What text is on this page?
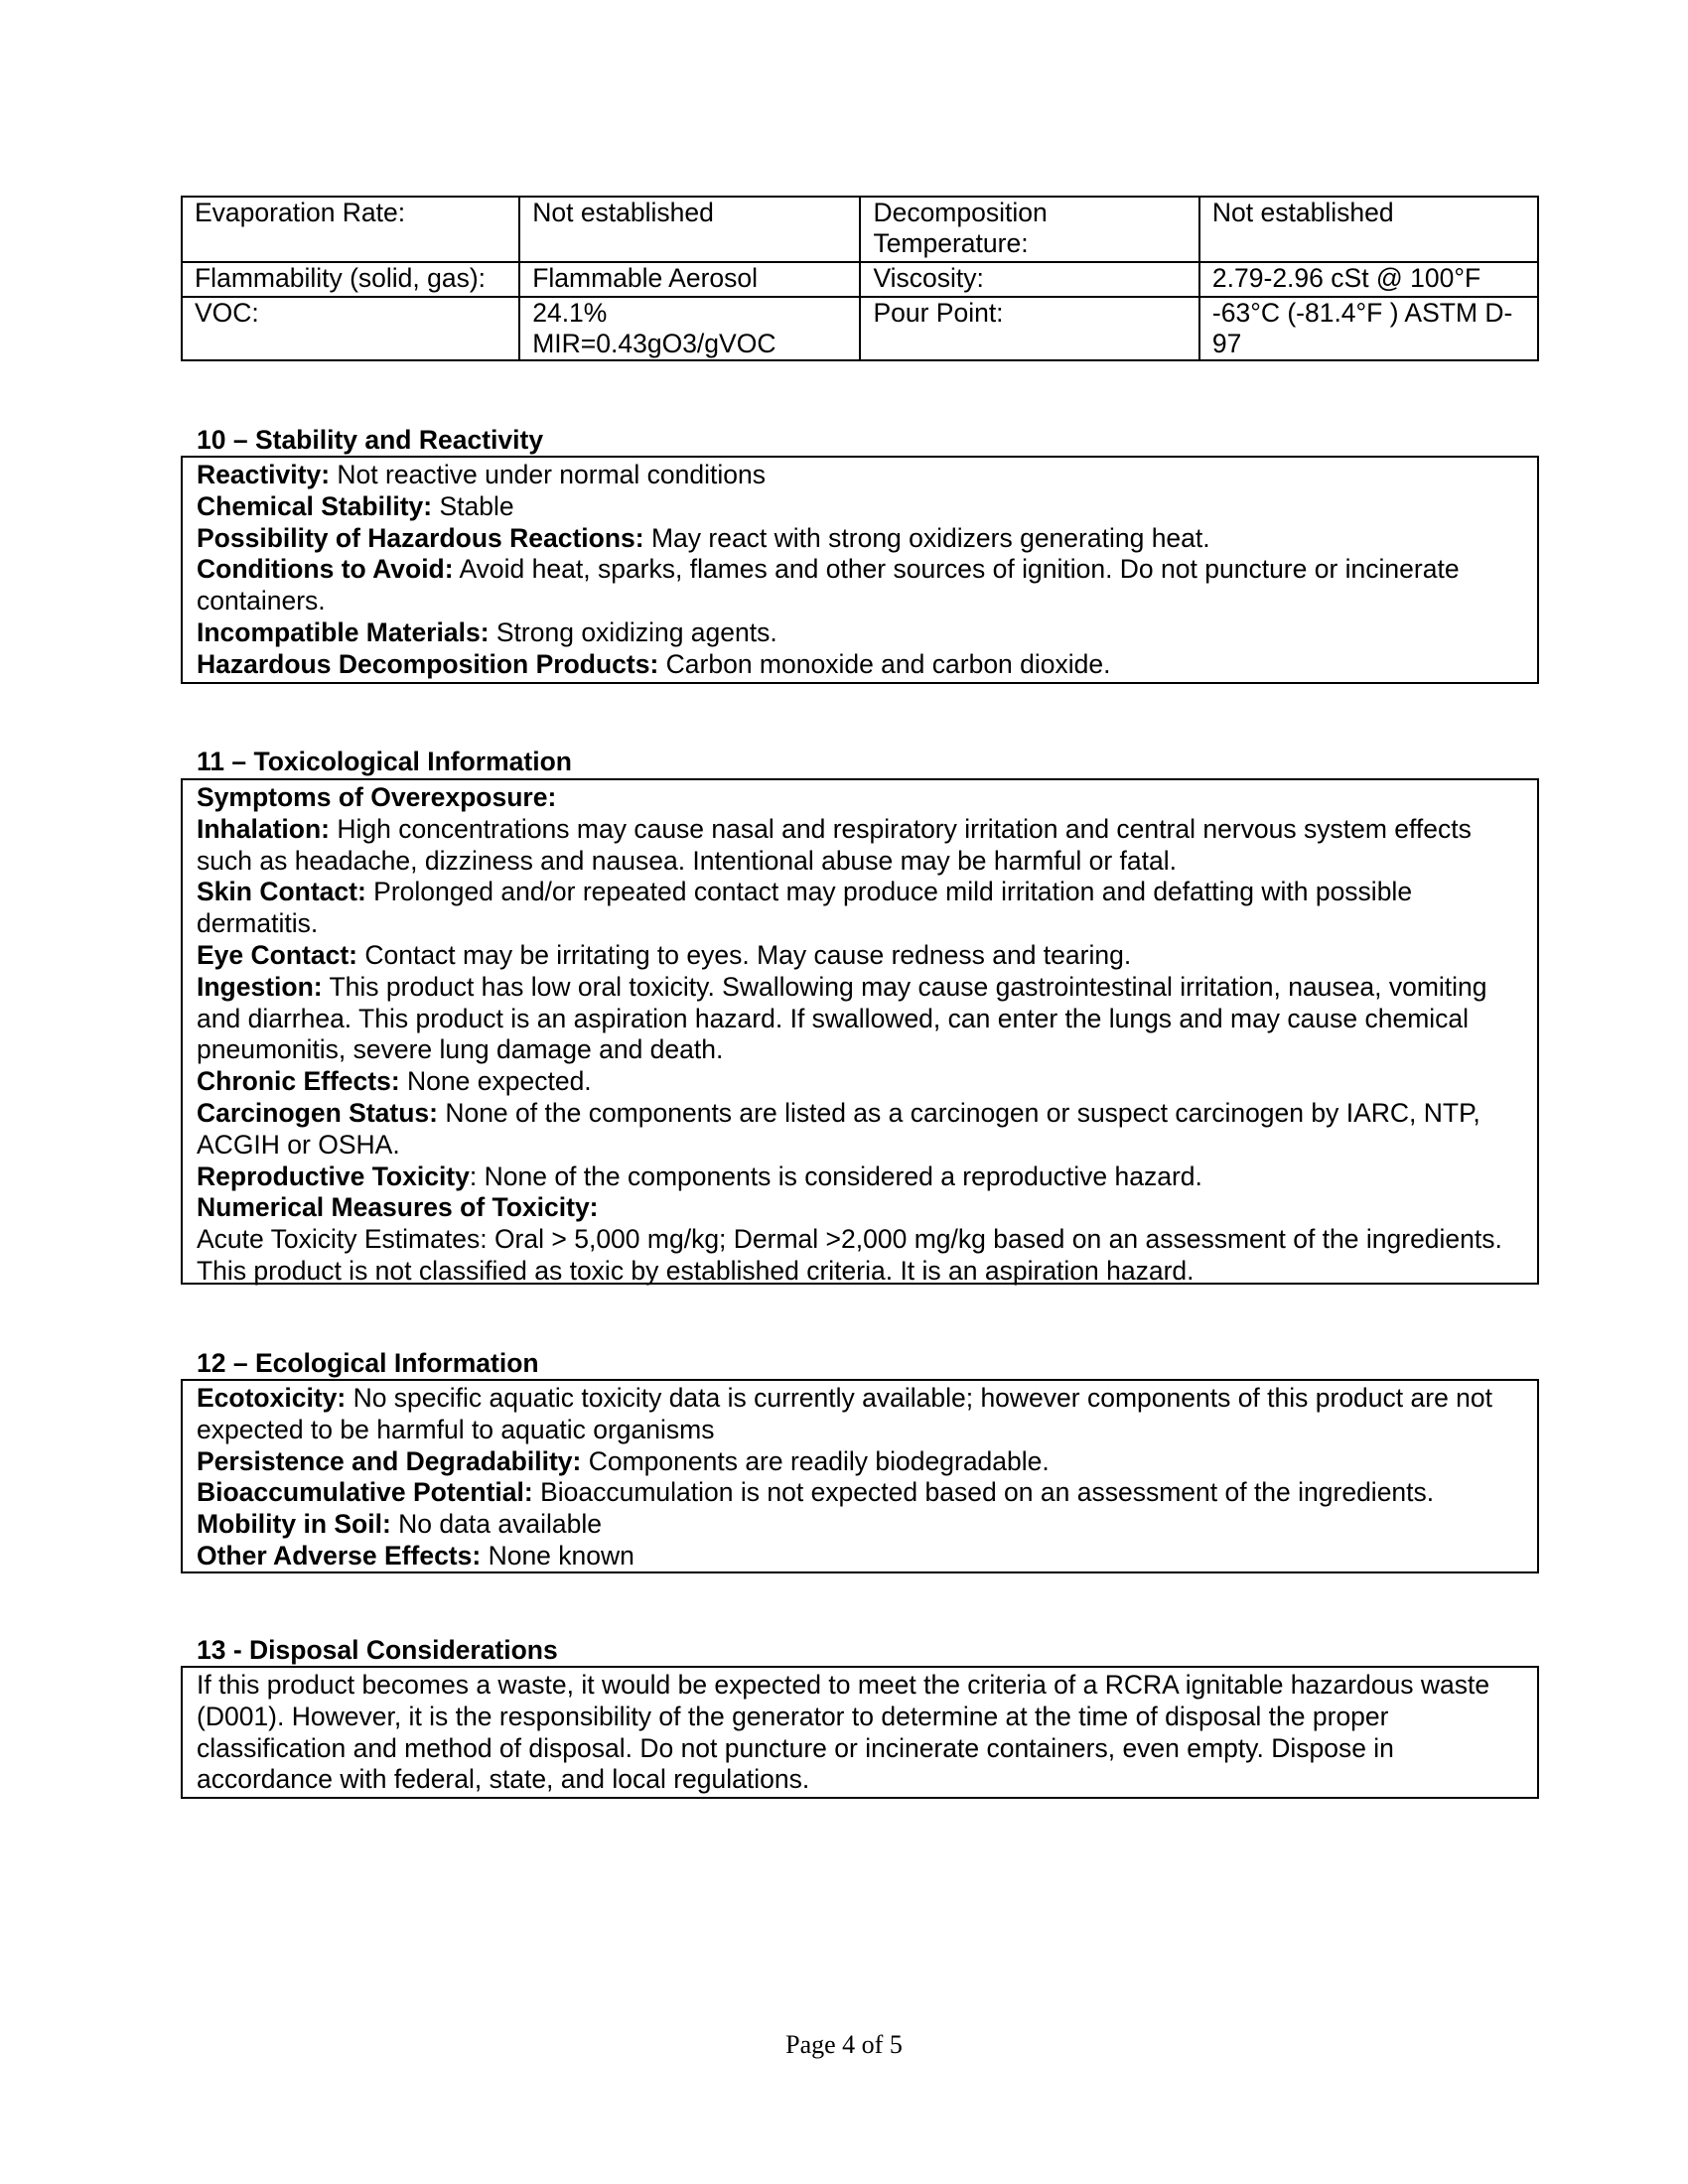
Evaporation Rate:	Not established	Decomposition Temperature:	Not established
Flammability (solid, gas):	Flammable Aerosol	Viscosity:	2.79-2.96 cSt @ 100°F
VOC:	24.1% MIR=0.43gO3/gVOC	Pour Point:	-63°C (-81.4°F ) ASTM D-97
10 – Stability and Reactivity

Reactivity: Not reactive under normal conditions

Chemical Stability: Stable

Possibility of Hazardous Reactions: May react with strong oxidizers generating heat.

Conditions to Avoid: Avoid heat, sparks, flames and other sources of ignition. Do not puncture or incinerate containers.

Incompatible Materials: Strong oxidizing agents.

Hazardous Decomposition Products: Carbon monoxide and carbon dioxide.

11 – Toxicological Information

Symptoms of Overexposure:

Inhalation: High concentrations may cause nasal and respiratory irritation and central nervous system effects such as headache, dizziness and nausea. Intentional abuse may be harmful or fatal.

Skin Contact: Prolonged and/or repeated contact may produce mild irritation and defatting with possible dermatitis.

Eye Contact: Contact may be irritating to eyes. May cause redness and tearing.

Ingestion: This product has low oral toxicity. Swallowing may cause gastrointestinal irritation, nausea, vomiting and diarrhea. This product is an aspiration hazard. If swallowed, can enter the lungs and may cause chemical pneumonitis, severe lung damage and death.

Chronic Effects: None expected.

Carcinogen Status: None of the components are listed as a carcinogen or suspect carcinogen by IARC, NTP, ACGIH or OSHA.

Reproductive Toxicity: None of the components is considered a reproductive hazard.

Numerical Measures of Toxicity:

Acute Toxicity Estimates: Oral > 5,000 mg/kg; Dermal >2,000 mg/kg based on an assessment of the ingredients. This product is not classified as toxic by established criteria. It is an aspiration hazard.

12 – Ecological Information

Ecotoxicity: No specific aquatic toxicity data is currently available; however components of this product are not expected to be harmful to aquatic organisms

Persistence and Degradability: Components are readily biodegradable.

Bioaccumulative Potential: Bioaccumulation is not expected based on an assessment of the ingredients.

Mobility in Soil: No data available

Other Adverse Effects: None known

13 - Disposal Considerations

If this product becomes a waste, it would be expected to meet the criteria of a RCRA ignitable hazardous waste (D001). However, it is the responsibility of the generator to determine at the time of disposal the proper classification and method of disposal. Do not puncture or incinerate containers, even empty. Dispose in accordance with federal, state, and local regulations.

Page 4 of 5
